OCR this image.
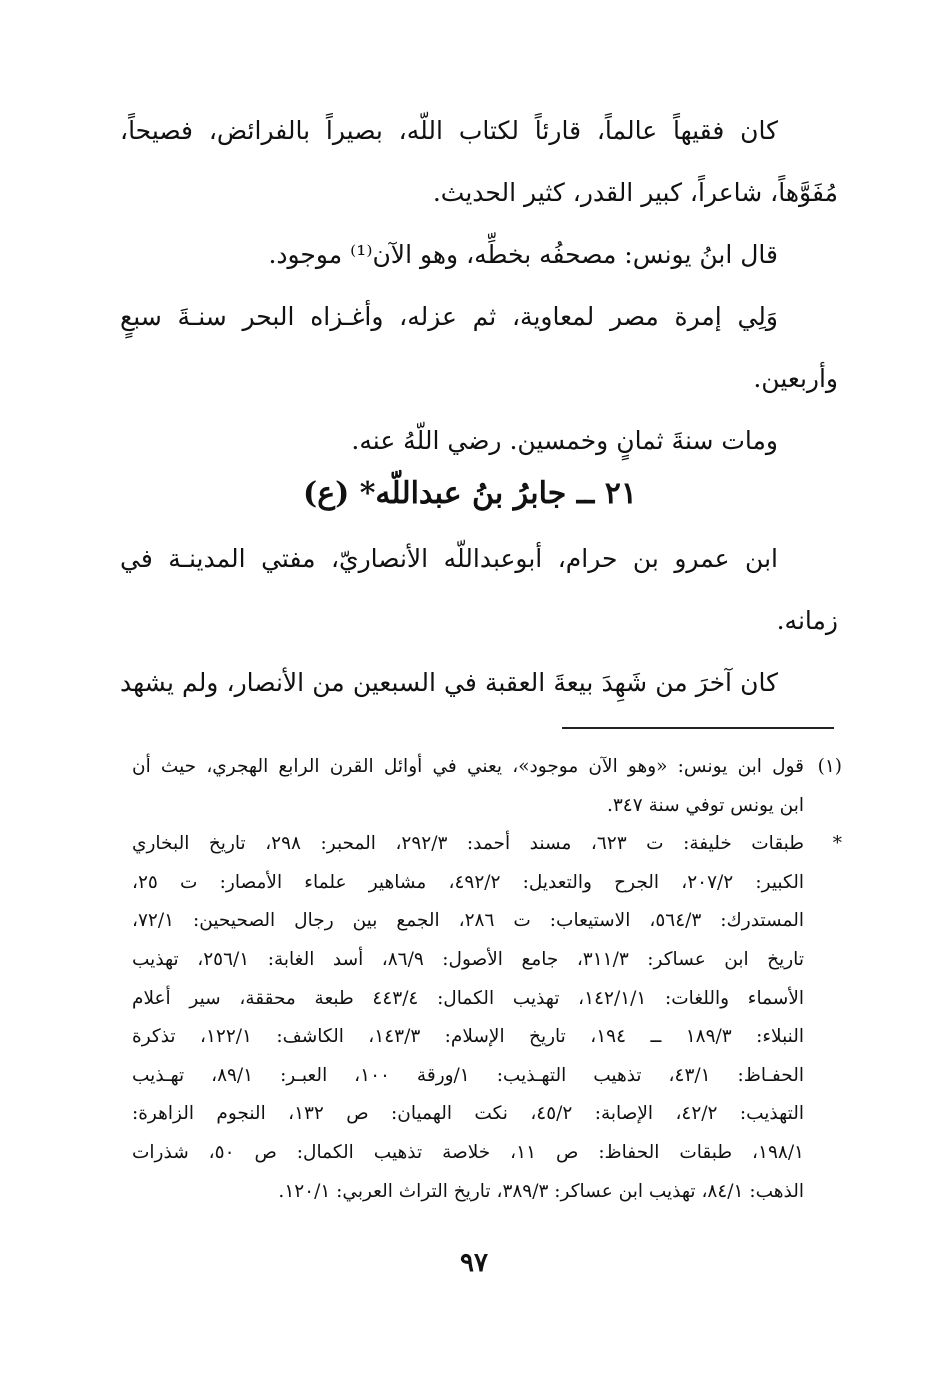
كان فقيهاً عالماً، قارئاً لكتاب اللّه، بصيراً بالفرائض، فصيحاً،
مُفَوَّهاً، شاعراً، كبير القدر، كثير الحديث.
قال ابنُ يونس: مصحفُه بخطِّه، وهو الآن⁽¹⁾ موجود.
وَلِي إمرة مصر لمعاوية، ثم عزله، وأغـزاه البحر سنـةَ سبعٍ
وأربعين.
ومات سنةَ ثمانٍ وخمسين. رضي اللّهُ عنه.
٢١ ــ جابرُ بنُ عبداللّه* (ع)
ابن عمرو بن حرام، أبوعبداللّه الأنصاريّ، مفتي المدينـة في
زمانه.
كان آخرَ من شَهِدَ بيعةَ العقبة في السبعين من الأنصار، ولم يشهد
(١)
قول ابن يونس: «وهو الآن موجود»، يعني في أوائل القرن الرابع الهجري، حيث أن
ابن يونس توفي سنة ٣٤٧.
*
طبقات خليفة: ت ٦٢٣، مسند أحمد: ٢٩٢/٣، المحبر: ٢٩٨، تاريخ البخاري
الكبير: ٢٠٧/٢، الجرح والتعديل: ٤٩٢/٢، مشاهير علماء الأمصار: ت ٢٥،
المستدرك: ٥٦٤/٣، الاستيعاب: ت ٢٨٦، الجمع بين رجال الصحيحين: ٧٢/١،
تاريخ ابن عساكر: ٣١١/٣، جامع الأصول: ٨٦/٩، أسد الغابة: ٢٥٦/١، تهذيب
الأسماء واللغات: ١٤٢/١/١، تهذيب الكمال: ٤٤٣/٤ طبعة محققة، سير أعلام
النبلاء: ١٨٩/٣ ــ ١٩٤، تاريخ الإسلام: ١٤٣/٣، الكاشف: ١٢٢/١، تذكرة
الحفـاظ: ٤٣/١، تذهيب التهـذيب: ١/ورقة ١٠٠، العبـر: ٨٩/١، تهـذيب
التهذيب: ٤٢/٢، الإصابة: ٤٥/٢، نكت الهميان: ص ١٣٢، النجوم الزاهرة:
١٩٨/١، طبقات الحفاظ: ص ١١، خلاصة تذهيب الكمال: ص ٥٠، شذرات
الذهب: ٨٤/١، تهذيب ابن عساكر: ٣٨٩/٣، تاريخ التراث العربي: ١٢٠/١.
٩٧
